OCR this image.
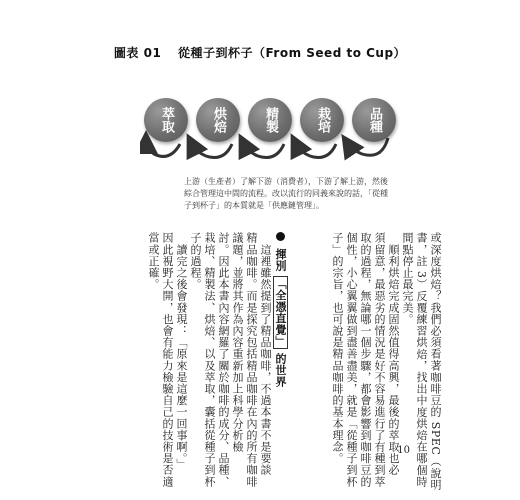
圖表 01 從種子到杯子（From Seed to Cup）
萃取	烘焙	精製	栽培	品種
上游（生產者）了解下游（消費者），下游了解上游，然後綜合管理這中間的流程。改以流行的同義來說的話，「從種子到杯子」的本質就是「供應鏈管理」。
或深度烘焙？我們必須看著咖啡豆的 SPEC（說明
書，註 3）反覆練習烘焙，找出中度烘焙在哪個時
間點停止最完美。
　順利烘焙完成固然值得高興，最後的萃取也必
須留意，最惡劣的情況是好不容易進行了有種到萃
取的過程，無論哪一個步驟，都會影響到咖啡豆的
個性，小心翼翼做到盡善盡美，就是「從種子到杯
子」的宗旨，也可說是精品咖啡的基本理念。
揮別 「全憑直覺」 的世界
　這裡雖然提到了精品咖啡，不過本書不是要談
精品咖啡。而是探究包括精品咖啡在內的所有咖啡
議題，並將其作為內容重新加上科學分析檢
討。因此本書內容網羅了關於咖啡的成分、品種、
栽培、精製法、烘焙、以及萃取，囊括從種子到杯
子的過程。
　讀完之後會發現：「原來是這麼一回事啊。」
因此視野大開，也會有能力檢驗自己的技術是否適
當或正確。
10
